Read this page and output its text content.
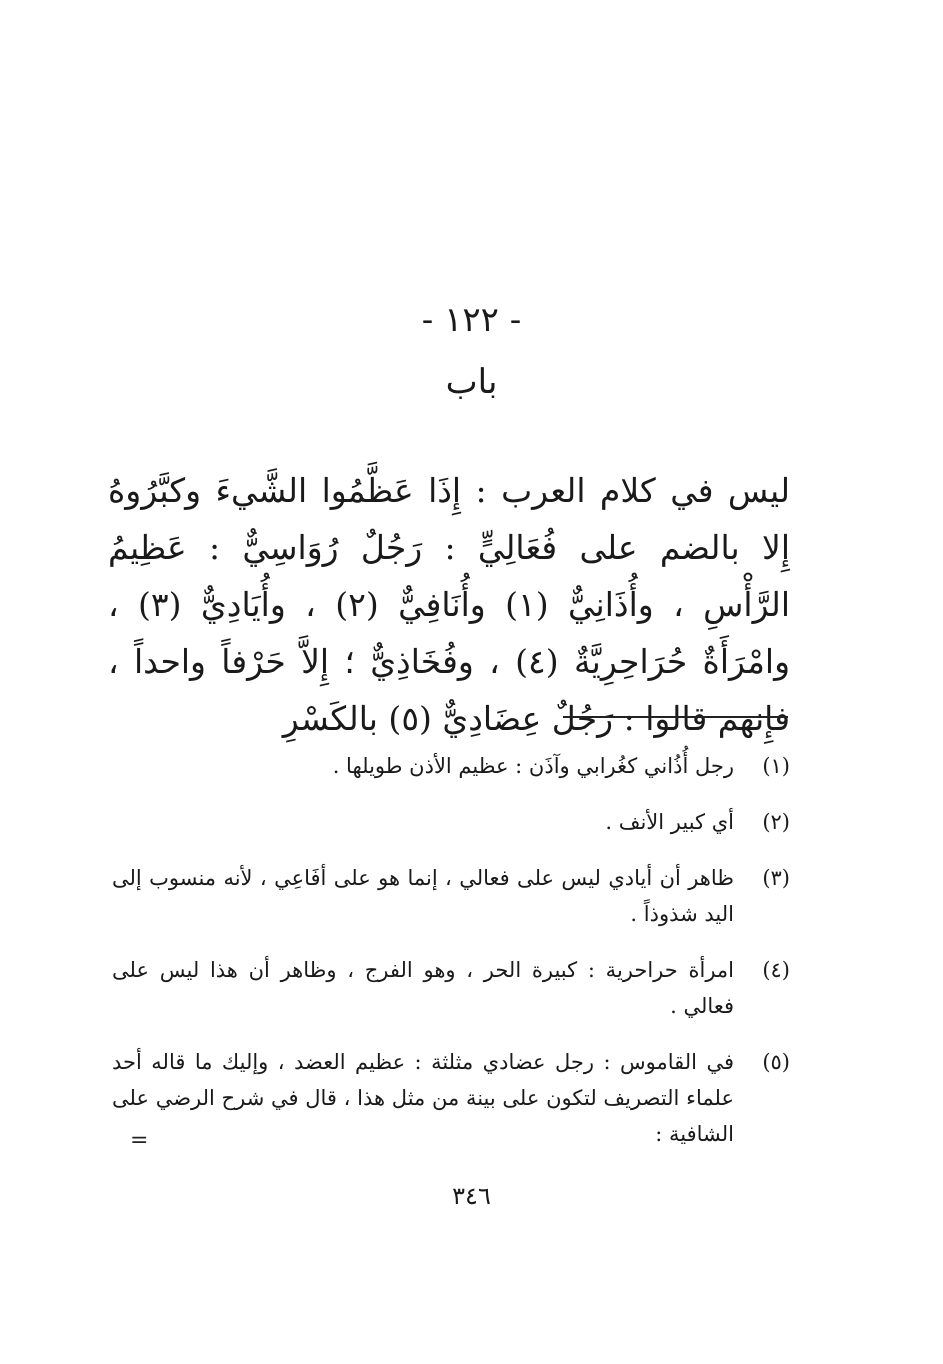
- ١٢٢ -
باب

ليس في كلام العرب : إِذَا عَظَّمُوا الشَّيءَ وكبَّرُوهُ إِلا بالضم على فُعَالِيٍّ : رَجُلٌ رُوَاسِيٌّ : عَظِيمُ الرَّأْسِ ، وأُذَانِيٌّ (١) وأُنَافِيٌّ (٢) ، وأُيَادِيٌّ (٣) ، وامْرَأَةٌ حُرَاحِرِيَّةٌ (٤) ، وفُخَاذِيٌّ ؛ إِلاَّ حَرْفاً واحداً ، فإِنهم قالوا : رَجُلٌ عِضَادِيٌّ (٥) بالكَسْرِ

(١)
رجل أُذُاني كغُرابي وآذَن : عظيم الأذن طويلها .
(٢)
أي كبير الأنف .
(٣)
ظاهر أن أيادي ليس على فعالي ، إنما هو على أفَاعِي ، لأنه منسوب إلى اليد شذوذاً .
(٤)
امرأة حراحرية : كبيرة الحر ، وهو الفرج ، وظاهر أن هذا ليس على فعالي .
(٥)
في القاموس : رجل عضادي مثلثة : عظيم العضد ، وإليك ما قاله أحد علماء التصريف لتكون على بينة من مثل هذا ، قال في شرح الرضي على الشافية :
=
٣٤٦
